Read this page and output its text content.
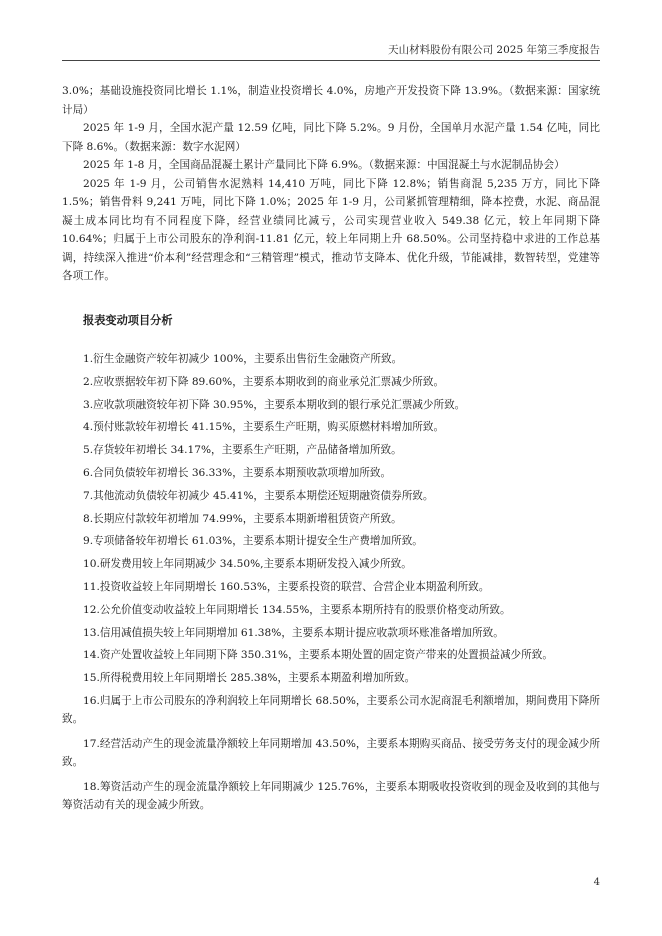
天山材料股份有限公司 2025 年第三季度报告

3.0%；基础设施投资同比增长 1.1%，制造业投资增长 4.0%，房地产开发投资下降 13.9%。（数据来源：国家统计局）

2025 年 1-9 月，全国水泥产量 12.59 亿吨，同比下降 5.2%。9 月份，全国单月水泥产量 1.54 亿吨，同比下降 8.6%。（数据来源：数字水泥网）

2025 年 1-8 月，全国商品混凝土累计产量同比下降 6.9%。（数据来源：中国混凝土与水泥制品协会）

2025 年 1-9 月，公司销售水泥熟料 14,410 万吨，同比下降 12.8%；销售商混 5,235 万方，同比下降 1.5%；销售骨料 9,241 万吨，同比下降 1.0%；2025 年 1-9 月，公司紧抓管理精细，降本控费，水泥、商品混凝土成本同比均有不同程度下降，经营业绩同比减亏，公司实现营业收入 549.38 亿元，较上年同期下降 10.64%；归属于上市公司股东的净利润-11.81 亿元，较上年同期上升 68.50%。公司坚持稳中求进的工作总基调，持续深入推进“价本利”经营理念和“三精管理”模式，推动节支降本、优化升级，节能减排，数智转型，党建等各项工作。

报表变动项目分析

1.衍生金融资产较年初减少 100%，主要系出售衍生金融资产所致。

2.应收票据较年初下降 89.60%，主要系本期收到的商业承兑汇票减少所致。

3.应收款项融资较年初下降 30.95%，主要系本期收到的银行承兑汇票减少所致。

4.预付账款较年初增长 41.15%，主要系生产旺期，购买原燃材料增加所致。

5.存货较年初增长 34.17%，主要系生产旺期，产品储备增加所致。

6.合同负债较年初增长 36.33%，主要系本期预收款项增加所致。

7.其他流动负债较年初减少 45.41%，主要系本期偿还短期融资债券所致。

8.长期应付款较年初增加 74.99%，主要系本期新增租赁资产所致。

9.专项储备较年初增长 61.03%，主要系本期计提安全生产费增加所致。

10.研发费用较上年同期减少 34.50%,主要系本期研发投入减少所致。

11.投资收益较上年同期增长 160.53%，主要系投资的联营、合营企业本期盈利所致。

12.公允价值变动收益较上年同期增长 134.55%，主要系本期所持有的股票价格变动所致。

13.信用减值损失较上年同期增加 61.38%，主要系本期计提应收款项坏账准备增加所致。

14.资产处置收益较上年同期下降 350.31%，主要系本期处置的固定资产带来的处置损益减少所致。

15.所得税费用较上年同期增长 285.38%，主要系本期盈利增加所致。

16.归属于上市公司股东的净利润较上年同期增长 68.50%，主要系公司水泥商混毛利额增加，期间费用下降所致。

17.经营活动产生的现金流量净额较上年同期增加 43.50%，主要系本期购买商品、接受劳务支付的现金减少所致。

18.筹资活动产生的现金流量净额较上年同期减少 125.76%，主要系本期吸收投资收到的现金及收到的其他与筹资活动有关的现金减少所致。

4
